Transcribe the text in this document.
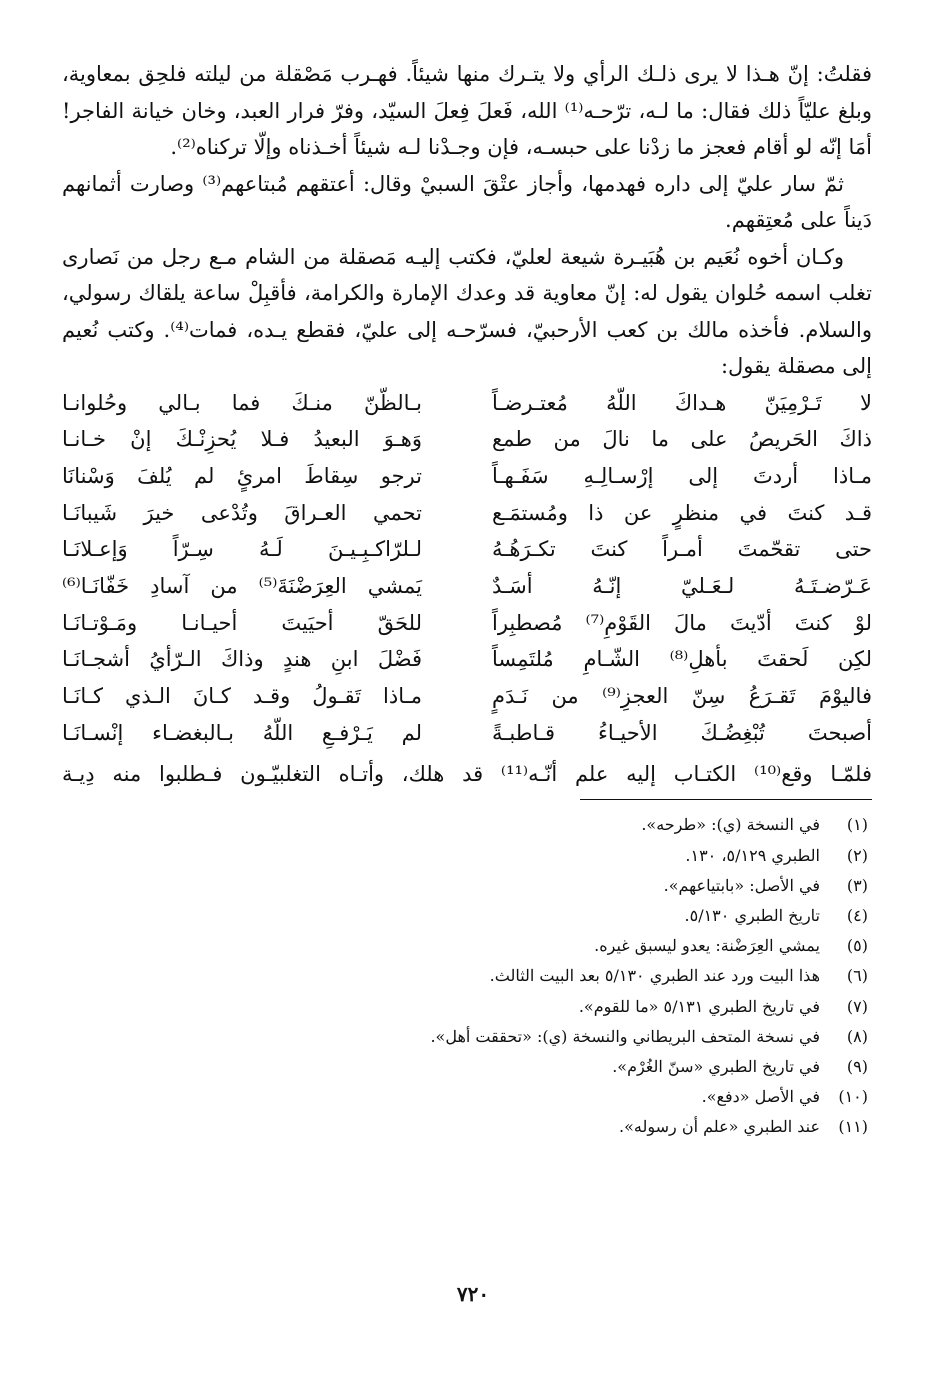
فقلتُ: إنّ هـذا لا يرى ذلـك الرأي ولا يتـرك منها شيئاً. فهـرب مَصْقلة من ليلته فلحِق بمعاوية، وبلغ عليّاً ذلك فقال: ما لـه، ترّحـه⁽¹⁾ الله، فَعلَ فِعلَ السيّد، وفرّ فرار العبد، وخان خيانة الفاجر! أمَا إنّه لو أقام فعجز ما زدْنا على حبسـه، فإن وجـدْنا لـه شيئاً أخـذناه وإلّا تركناه⁽²⁾.

ثمّ سار عليّ إلى داره فهدمها، وأجاز عتْقَ السبيْ وقال: أعتقهم مُبتاعهم⁽³⁾ وصارت أثمانهم دَيناً على مُعتِقهم.

وكـان أخوه نُعَيم بن هُبَيـرة شيعة لعليّ، فكتب إليـه مَصقلة من الشام مـع رجل من نَصارى تغلب اسمه حُلوان يقول له: إنّ معاوية قد وعدك الإمارة والكرامة، فأقبِلْ ساعة يلقاك رسولي، والسلام. فأخذه مالك بن كعب الأرحبيّ، فسرّحـه إلى عليّ، فقطع يـده، فمات⁽⁴⁾. وكتب نُعيم إلى مصقلة يقول:

لا تَـرْمِيَنّ هـداكَ اللّهُ مُعتـرضـاً
بـالظّنّ منـكَ فما بـالي وحُلوانـا
ذاكَ الحَريصُ على ما نالَ من طمع
وَهـوَ البعيدُ فـلا يُحزِنْـكَ إنْ خـانـا
مـاذا أردتَ إلى إرْسـالِـهِ سَفَـهـاً
ترجو سِقاطَ امرئٍ لم يُلفَ وَسْنانَا
قـد كنتَ في منظرٍ عن ذا ومُستمَـع
تحمي العـراقَ وتُدْعى خيرَ شَيبانَـا
حتى تقحّمتَ أمـراً كنتَ تكـرَهُـهُ
لـلرّاكـبِـيـنَ لَـهُ سِـرّاً وَإعـلانَـا
عَـرّضـتَـهُ لـعَـليّ إنّـهُ أسَـدٌ
يَمشي العِرَضْنَةَ⁽⁵⁾ من آسادِ خَفّانَـا⁽⁶⁾
لوْ كنتَ أدّيتَ مالَ القَوْمِ⁽⁷⁾ مُصطبِراً
للحَقّ أحيَيتَ أحيـانـا ومَـوْتـانَـا
لكِن لَحقتَ بأهلِ⁽⁸⁾ الشّـامِ مُلتَمِساً
فَضْلَ ابنِ هندٍ وذاكَ الـرّأيُ أشجـانَـا
فاليوْمَ تَقـرَعُ سِنّ العجزِ⁽⁹⁾ من نَـدَمٍ
مـاذا تَقـولُ وقـد كـانَ الـذي كـانَـا
أصبحتَ تُبْغِضُـكَ الأحيـاءُ قـاطبـةً
لم يَـرْفـعِ اللّهُ بـالبغضـاء إنْسـانَـا
فلمّـا وقع⁽¹⁰⁾ الكتـاب إليه علم أنّـه⁽¹¹⁾ قد هلك، وأتـاه التغلبيّـون فـطلبوا منه دِيـة
(١)
في النسخة (ي): «طرحه».
(٢)
الطبري ٥/١٢٩، ١٣٠.
(٣)
في الأصل: «بابتياعهم».
(٤)
تاريخ الطبري ٥/١٣٠.
(٥)
يمشي العِرَضْنة: يعدو ليسبق غيره.
(٦)
هذا البيت ورد عند الطبري ٥/١٣٠ بعد البيت الثالث.
(٧)
في تاريخ الطبري ٥/١٣١ «ما للقوم».
(٨)
في نسخة المتحف البريطاني والنسخة (ي): «تحققت أهل».
(٩)
في تاريخ الطبري «سنّ الغُرْم».
(١٠)
في الأصل «دفع».
(١١)
عند الطبري «علم أن رسوله».
٧٢٠
